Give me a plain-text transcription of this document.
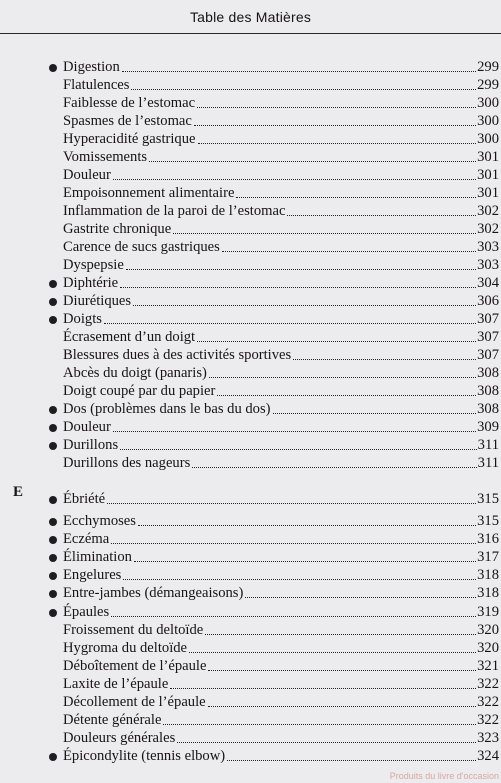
Table des Matières
E
Digestion	299
Flatulences	299
Faiblesse de l’estomac	300
Spasmes de l’estomac	300
Hyperacidité gastrique	300
Vomissements	301
Douleur	301
Empoisonnement alimentaire	301
Inflammation de la paroi de l’estomac	302
Gastrite chronique	302
Carence de sucs gastriques	303
Dyspepsie	303
Diphtérie	304
Diurétiques	306
Doigts	307
Écrasement d’un doigt	307
Blessures dues à des activités sportives	307
Abcès du doigt (panaris)	308
Doigt coupé par du papier	308
Dos (problèmes dans le bas du dos)	308
Douleur	309
Durillons	311
Durillons des nageurs	311
Ébriété	315
Ecchymoses	315
Eczéma	316
Élimination	317
Engelures	318
Entre-jambes (démangeaisons)	318
Épaules	319
Froissement du deltoïde	320
Hygroma du deltoïde	320
Déboîtement de l’épaule	321
Laxite de l’épaule	322
Décollement de l’épaule	322
Détente générale	322
Douleurs générales	323
Épicondylite (tennis elbow)	324
Produits du livre d'occasion
